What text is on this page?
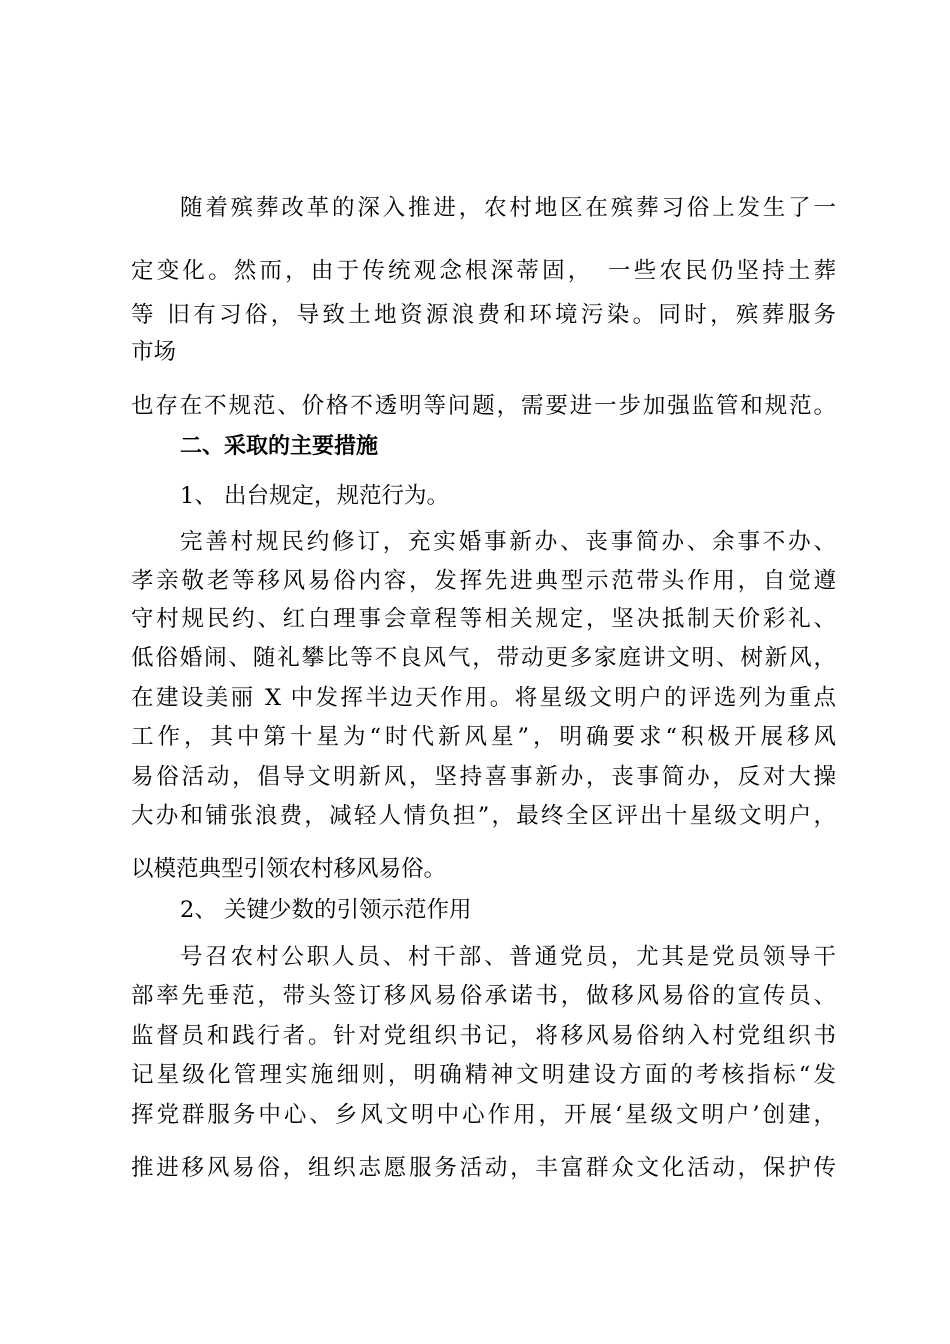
随着殡葬改革的深入推进，农村地区在殡葬习俗上发生了一
定变化。然而，由于传统观念根深蒂固，　一些农民仍坚持土葬
等 旧有习俗，导致土地资源浪费和环境污染。同时，殡葬服务
市场
也存在不规范、价格不透明等问题，需要进一步加强监管和规范。
二、采取的主要措施
1、 出台规定，规范行为。
完善村规民约修订，充实婚事新办、丧事简办、余事不办、
孝亲敬老等移风易俗内容，发挥先进典型示范带头作用，自觉遵
守村规民约、红白理事会章程等相关规定，坚决抵制天价彩礼、
低俗婚闹、随礼攀比等不良风气，带动更多家庭讲文明、树新风，
在建设美丽 X 中发挥半边天作用。将星级文明户的评选列为重点
工作，其中第十星为“时代新风星”，明确要求“积极开展移风
易俗活动，倡导文明新风，坚持喜事新办，丧事简办，反对大操
大办和铺张浪费，减轻人情负担”，最终全区评出十星级文明户，
以模范典型引领农村移风易俗。
2、 关键少数的引领示范作用
号召农村公职人员、村干部、普通党员，尤其是党员领导干
部率先垂范，带头签订移风易俗承诺书，做移风易俗的宣传员、
监督员和践行者。针对党组织书记，将移风易俗纳入村党组织书
记星级化管理实施细则，明确精神文明建设方面的考核指标“发
挥党群服务中心、乡风文明中心作用，开展‘星级文明户’创建，
推进移风易俗，组织志愿服务活动，丰富群众文化活动，保护传
